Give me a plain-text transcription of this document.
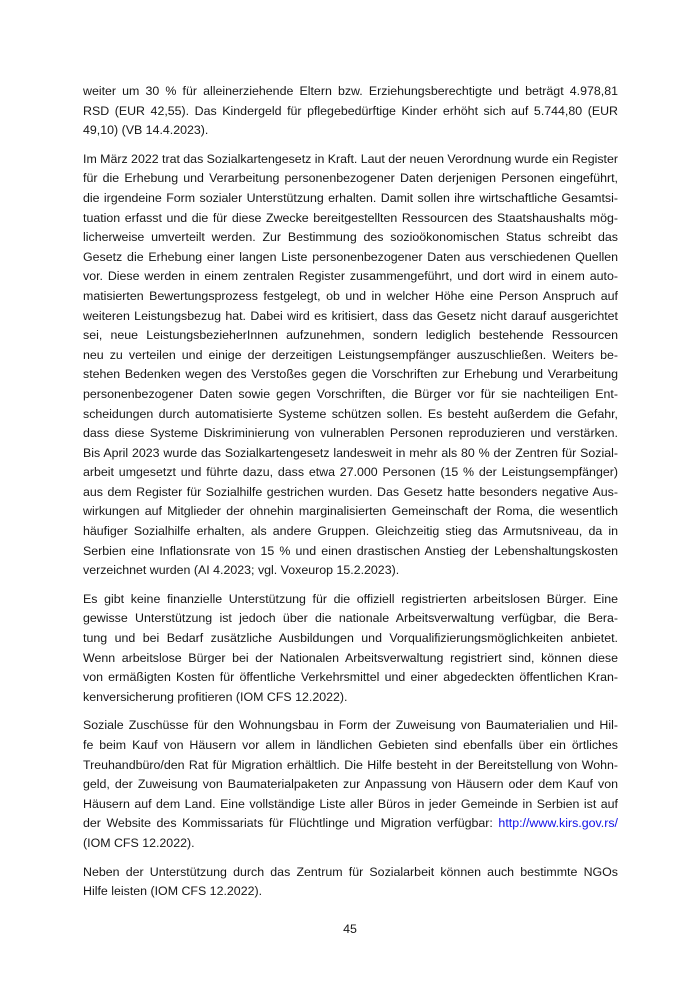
weiter um 30 % für alleinerziehende Eltern bzw. Erziehungsberechtigte und beträgt 4.978,81
RSD (EUR 42,55). Das Kindergeld für pflegebedürftige Kinder erhöht sich auf 5.744,80 (EUR
49,10) (VB 14.4.2023).
Im März 2022 trat das Sozialkartengesetz in Kraft. Laut der neuen Verordnung wurde ein Register
für die Erhebung und Verarbeitung personenbezogener Daten derjenigen Personen eingeführt,
die irgendeine Form sozialer Unterstützung erhalten. Damit sollen ihre wirtschaftliche Gesamtsi-
tuation erfasst und die für diese Zwecke bereitgestellten Ressourcen des Staatshaushalts mög-
licherweise umverteilt werden. Zur Bestimmung des sozioökonomischen Status schreibt das
Gesetz die Erhebung einer langen Liste personenbezogener Daten aus verschiedenen Quellen
vor. Diese werden in einem zentralen Register zusammengeführt, und dort wird in einem auto-
matisierten Bewertungsprozess festgelegt, ob und in welcher Höhe eine Person Anspruch auf
weiteren Leistungsbezug hat. Dabei wird es kritisiert, dass das Gesetz nicht darauf ausgerichtet
sei, neue LeistungsbezieherInnen aufzunehmen, sondern lediglich bestehende Ressourcen
neu zu verteilen und einige der derzeitigen Leistungsempfänger auszuschließen. Weiters be-
stehen Bedenken wegen des Verstoßes gegen die Vorschriften zur Erhebung und Verarbeitung
personenbezogener Daten sowie gegen Vorschriften, die Bürger vor für sie nachteiligen Ent-
scheidungen durch automatisierte Systeme schützen sollen. Es besteht außerdem die Gefahr,
dass diese Systeme Diskriminierung von vulnerablen Personen reproduzieren und verstärken.
Bis April 2023 wurde das Sozialkartengesetz landesweit in mehr als 80 % der Zentren für Sozial-
arbeit umgesetzt und führte dazu, dass etwa 27.000 Personen (15 % der Leistungsempfänger)
aus dem Register für Sozialhilfe gestrichen wurden. Das Gesetz hatte besonders negative Aus-
wirkungen auf Mitglieder der ohnehin marginalisierten Gemeinschaft der Roma, die wesentlich
häufiger Sozialhilfe erhalten, als andere Gruppen. Gleichzeitig stieg das Armutsniveau, da in
Serbien eine Inflationsrate von 15 % und einen drastischen Anstieg der Lebenshaltungskosten
verzeichnet wurden (AI 4.2023; vgl. Voxeurop 15.2.2023).
Es gibt keine finanzielle Unterstützung für die offiziell registrierten arbeitslosen Bürger. Eine
gewisse Unterstützung ist jedoch über die nationale Arbeitsverwaltung verfügbar, die Bera-
tung und bei Bedarf zusätzliche Ausbildungen und Vorqualifizierungsmöglichkeiten anbietet.
Wenn arbeitslose Bürger bei der Nationalen Arbeitsverwaltung registriert sind, können diese
von ermäßigten Kosten für öffentliche Verkehrsmittel und einer abgedeckten öffentlichen Kran-
kenversicherung profitieren (IOM CFS 12.2022).
Soziale Zuschüsse für den Wohnungsbau in Form der Zuweisung von Baumaterialien und Hil-
fe beim Kauf von Häusern vor allem in ländlichen Gebieten sind ebenfalls über ein örtliches
Treuhandbüro/den Rat für Migration erhältlich. Die Hilfe besteht in der Bereitstellung von Wohn-
geld, der Zuweisung von Baumaterialpaketen zur Anpassung von Häusern oder dem Kauf von
Häusern auf dem Land. Eine vollständige Liste aller Büros in jeder Gemeinde in Serbien ist auf
der Website des Kommissariats für Flüchtlinge und Migration verfügbar: http://www.kirs.gov.rs/
(IOM CFS 12.2022).
Neben der Unterstützung durch das Zentrum für Sozialarbeit können auch bestimmte NGOs
Hilfe leisten (IOM CFS 12.2022).
45
